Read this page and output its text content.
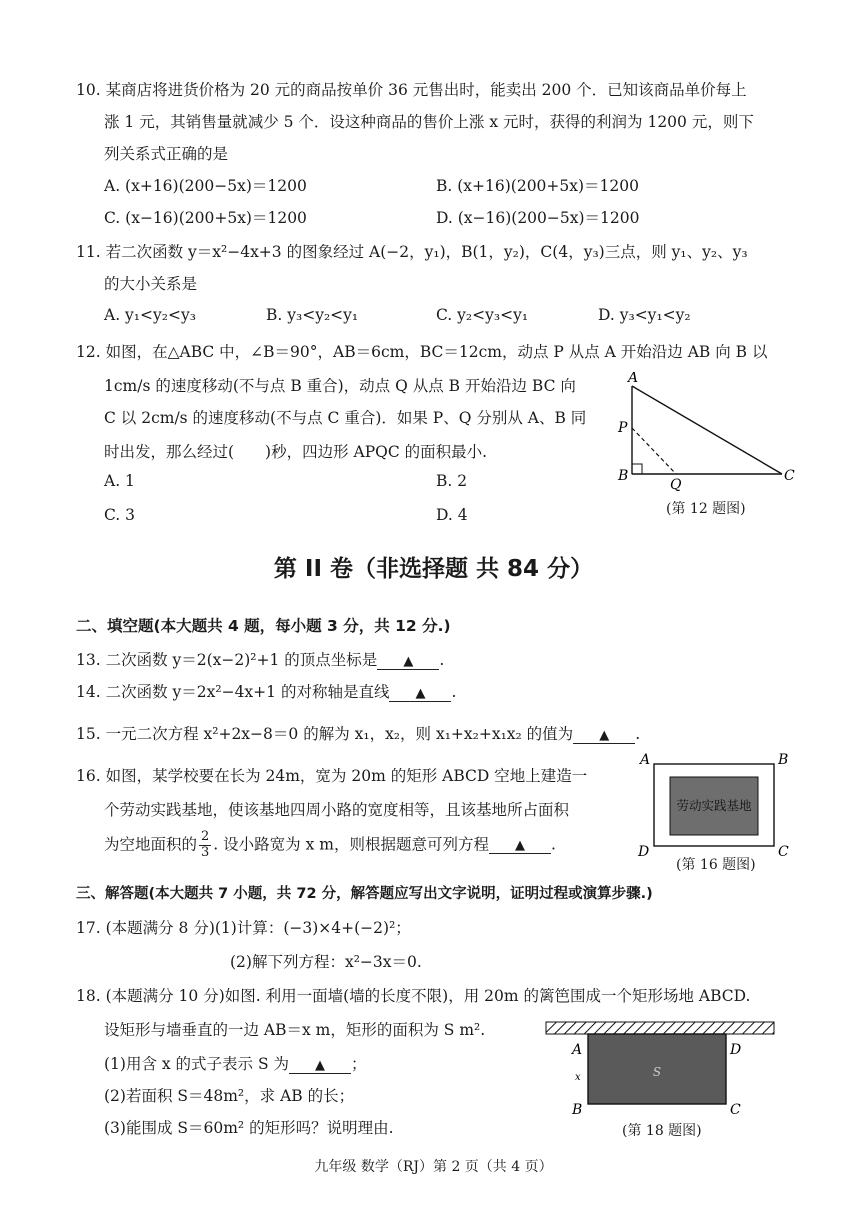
10. 某商店将进货价格为 20 元的商品按单价 36 元售出时，能卖出 200 个．已知该商品单价每上
涨 1 元，其销售量就减少 5 个．设这种商品的售价上涨 x 元时，获得的利润为 1200 元，则下
列关系式正确的是
A. (x+16)(200−5x)＝1200	B. (x+16)(200+5x)＝1200
C. (x−16)(200+5x)＝1200	D. (x−16)(200−5x)＝1200
11. 若二次函数 y＝x²−4x+3 的图象经过 A(−2，y₁)，B(1，y₂)，C(4，y₃)三点，则 y₁、y₂、y₃
的大小关系是
A. y₁<y₂<y₃	B. y₃<y₂<y₁	C. y₂<y₃<y₁	D. y₃<y₁<y₂
12. 如图，在△ABC 中，∠B＝90°，AB＝6cm，BC＝12cm，动点 P 从点 A 开始沿边 AB 向 B 以
1cm/s 的速度移动(不与点 B 重合)，动点 Q 从点 B 开始沿边 BC 向
C 以 2cm/s 的速度移动(不与点 C 重合)．如果 P、Q 分别从 A、B 同
时出发，那么经过(　　)秒，四边形 APQC 的面积最小.
A. 1	B. 2
C. 3	D. 4
A
P
B
Q
C
(第 12 题图)
第 II 卷（非选择题 共 84 分）
二、填空题(本大题共 4 题，每小题 3 分，共 12 分.)
13. 二次函数 y＝2(x−2)²+1 的顶点坐标是 ▲ .
14. 二次函数 y＝2x²−4x+1 的对称轴是直线 ▲ .
15. 一元二次方程 x²+2x−8＝0 的解为 x₁，x₂，则 x₁+x₂+x₁x₂ 的值为 ▲ .
16. 如图，某学校要在长为 24m，宽为 20m 的矩形 ABCD 空地上建造一
个劳动实践基地，使该基地四周小路的宽度相等，且该基地所占面积
为空地面积的 $\frac{2}{3}$ . 设小路宽为 x m，则根据题意可列方程 ▲ .
劳动实践基地
A	B
D	C
(第 16 题图)
三、解答题(本大题共 7 小题，共 72 分，解答题应写出文字说明，证明过程或演算步骤.)
17. (本题满分 8 分)(1)计算：(−3)×4+(−2)²；
(2)解下列方程：x²−3x＝0.
18. (本题满分 10 分)如图. 利用一面墙(墙的长度不限)，用 20m 的篱笆围成一个矩形场地 ABCD.
设矩形与墙垂直的一边 AB＝x m，矩形的面积为 S m².
(1)用含 x 的式子表示 S 为 ▲ ；
(2)若面积 S＝48m²，求 AB 的长；
(3)能围成 S＝60m² 的矩形吗？说明理由.
S
A
x
B
D
C
(第 18 题图)
九年级 数学（RJ）第 2 页（共 4 页）
